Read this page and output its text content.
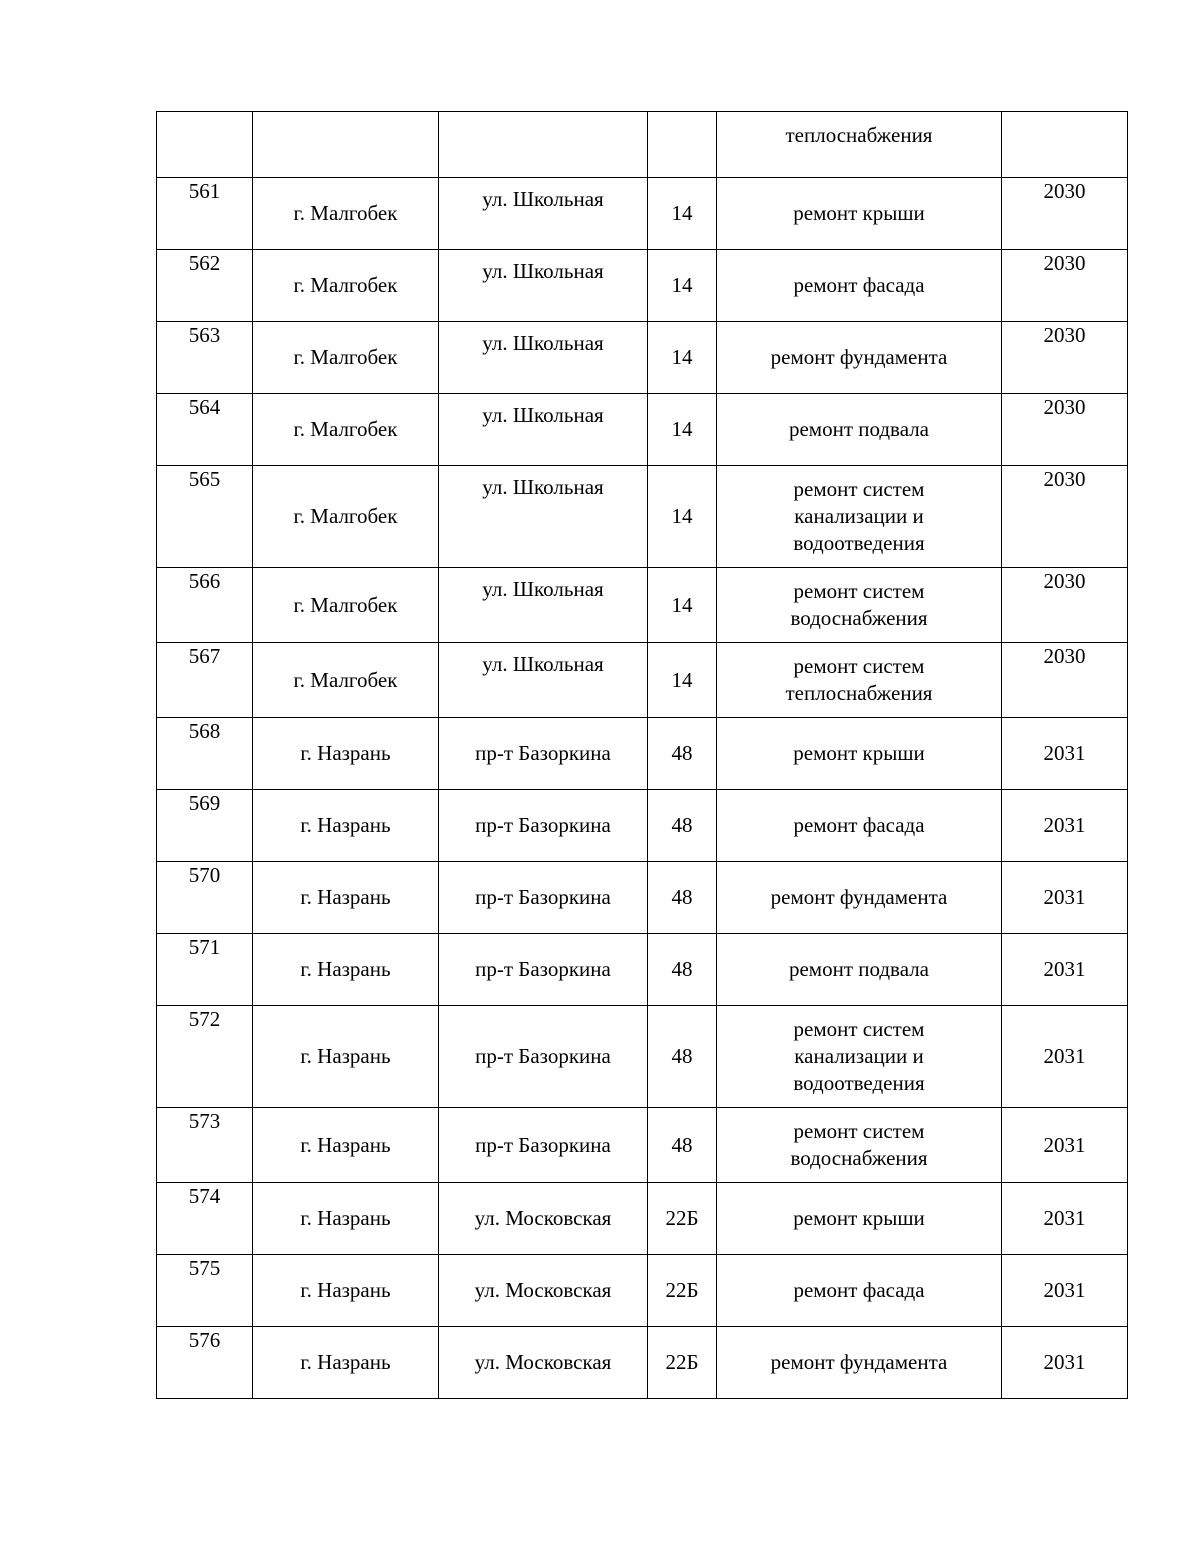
				теплоснабжения	

561	г. Малгобек	ул. Школьная	14	ремонт крыши	2030
562	г. Малгобек	ул. Школьная	14	ремонт фасада	2030
563	г. Малгобек	ул. Школьная	14	ремонт фундамента	2030
564	г. Малгобек	ул. Школьная	14	ремонт подвала	2030
565	г. Малгобек	ул. Школьная	14	ремонт систем
канализации и
водоотведения	2030
566	г. Малгобек	ул. Школьная	14	ремонт систем
водоснабжения	2030
567	г. Малгобек	ул. Школьная	14	ремонт систем
теплоснабжения	2030
568	г. Назрань	пр-т Базоркина	48	ремонт крыши	2031
569	г. Назрань	пр-т Базоркина	48	ремонт фасада	2031
570	г. Назрань	пр-т Базоркина	48	ремонт фундамента	2031
571	г. Назрань	пр-т Базоркина	48	ремонт подвала	2031
572	г. Назрань	пр-т Базоркина	48	ремонт систем
канализации и
водоотведения	2031
573	г. Назрань	пр-т Базоркина	48	ремонт систем
водоснабжения	2031
574	г. Назрань	ул. Московская	22Б	ремонт крыши	2031
575	г. Назрань	ул. Московская	22Б	ремонт фасада	2031
576	г. Назрань	ул. Московская	22Б	ремонт фундамента	2031
